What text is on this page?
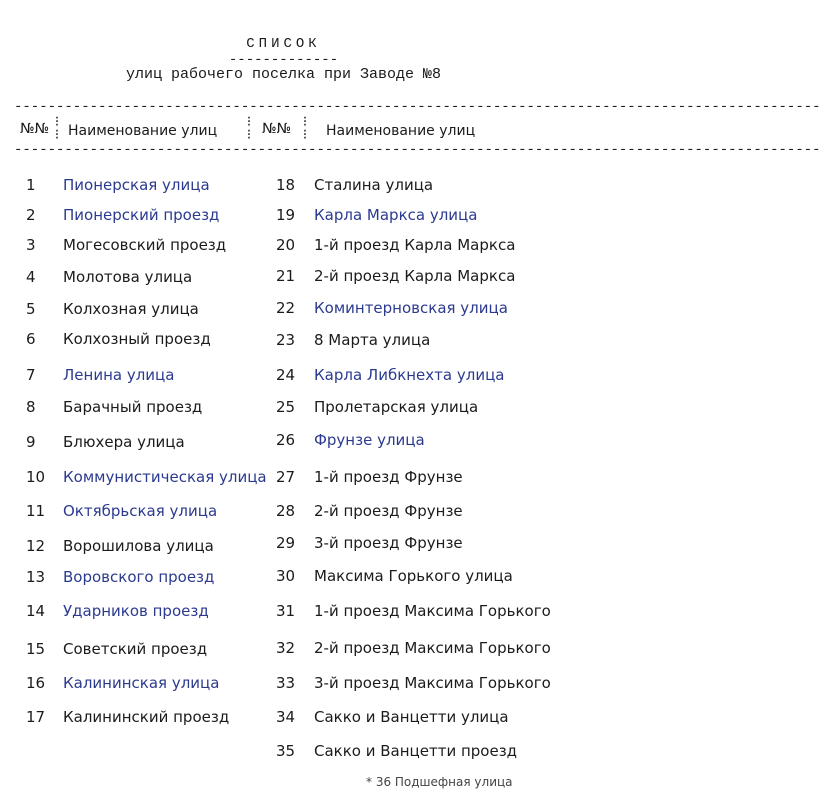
СПИСОК
-------------
улиц рабочего поселка при Заводе №8
------------------------------------------------------------------------------------------------
№№ ⁝
⁝ Наименование улиц
⁝
⁝ №№ ⁝
⁝ Наименование улиц
------------------------------------------------------------------------------------------------
1 Пионерская улица
2 Пионерский проезд
3 Могесовский проезд
4 Молотова улица
5 Колхозная улица
6 Колхозный проезд
7 Ленина улица
8 Барачный проезд
9 Блюхера улица
10 Коммунистическая улица
11 Октябрьская улица
12 Ворошилова улица
13 Воровского проезд
14 Ударников проезд
15 Советский проезд
16 Калининская улица
17 Калининский проезд
18 Сталина улица
19 Карла Маркса улица
20 1-й проезд Карла Маркса
21 2-й проезд Карла Маркса
22 Коминтерновская улица
23 8 Марта улица
24 Карла Либкнехта улица
25 Пролетарская улица
26 Фрунзе улица
27 1-й проезд Фрунзе
28 2-й проезд Фрунзе
29 3-й проезд Фрунзе
30 Максима Горького улица
31 1-й проезд Максима Горького
32 2-й проезд Максима Горького
33 3-й проезд Максима Горького
34 Сакко и Ванцетти улица
35 Сакко и Ванцетти проезд
* 36 Подшефная улица
